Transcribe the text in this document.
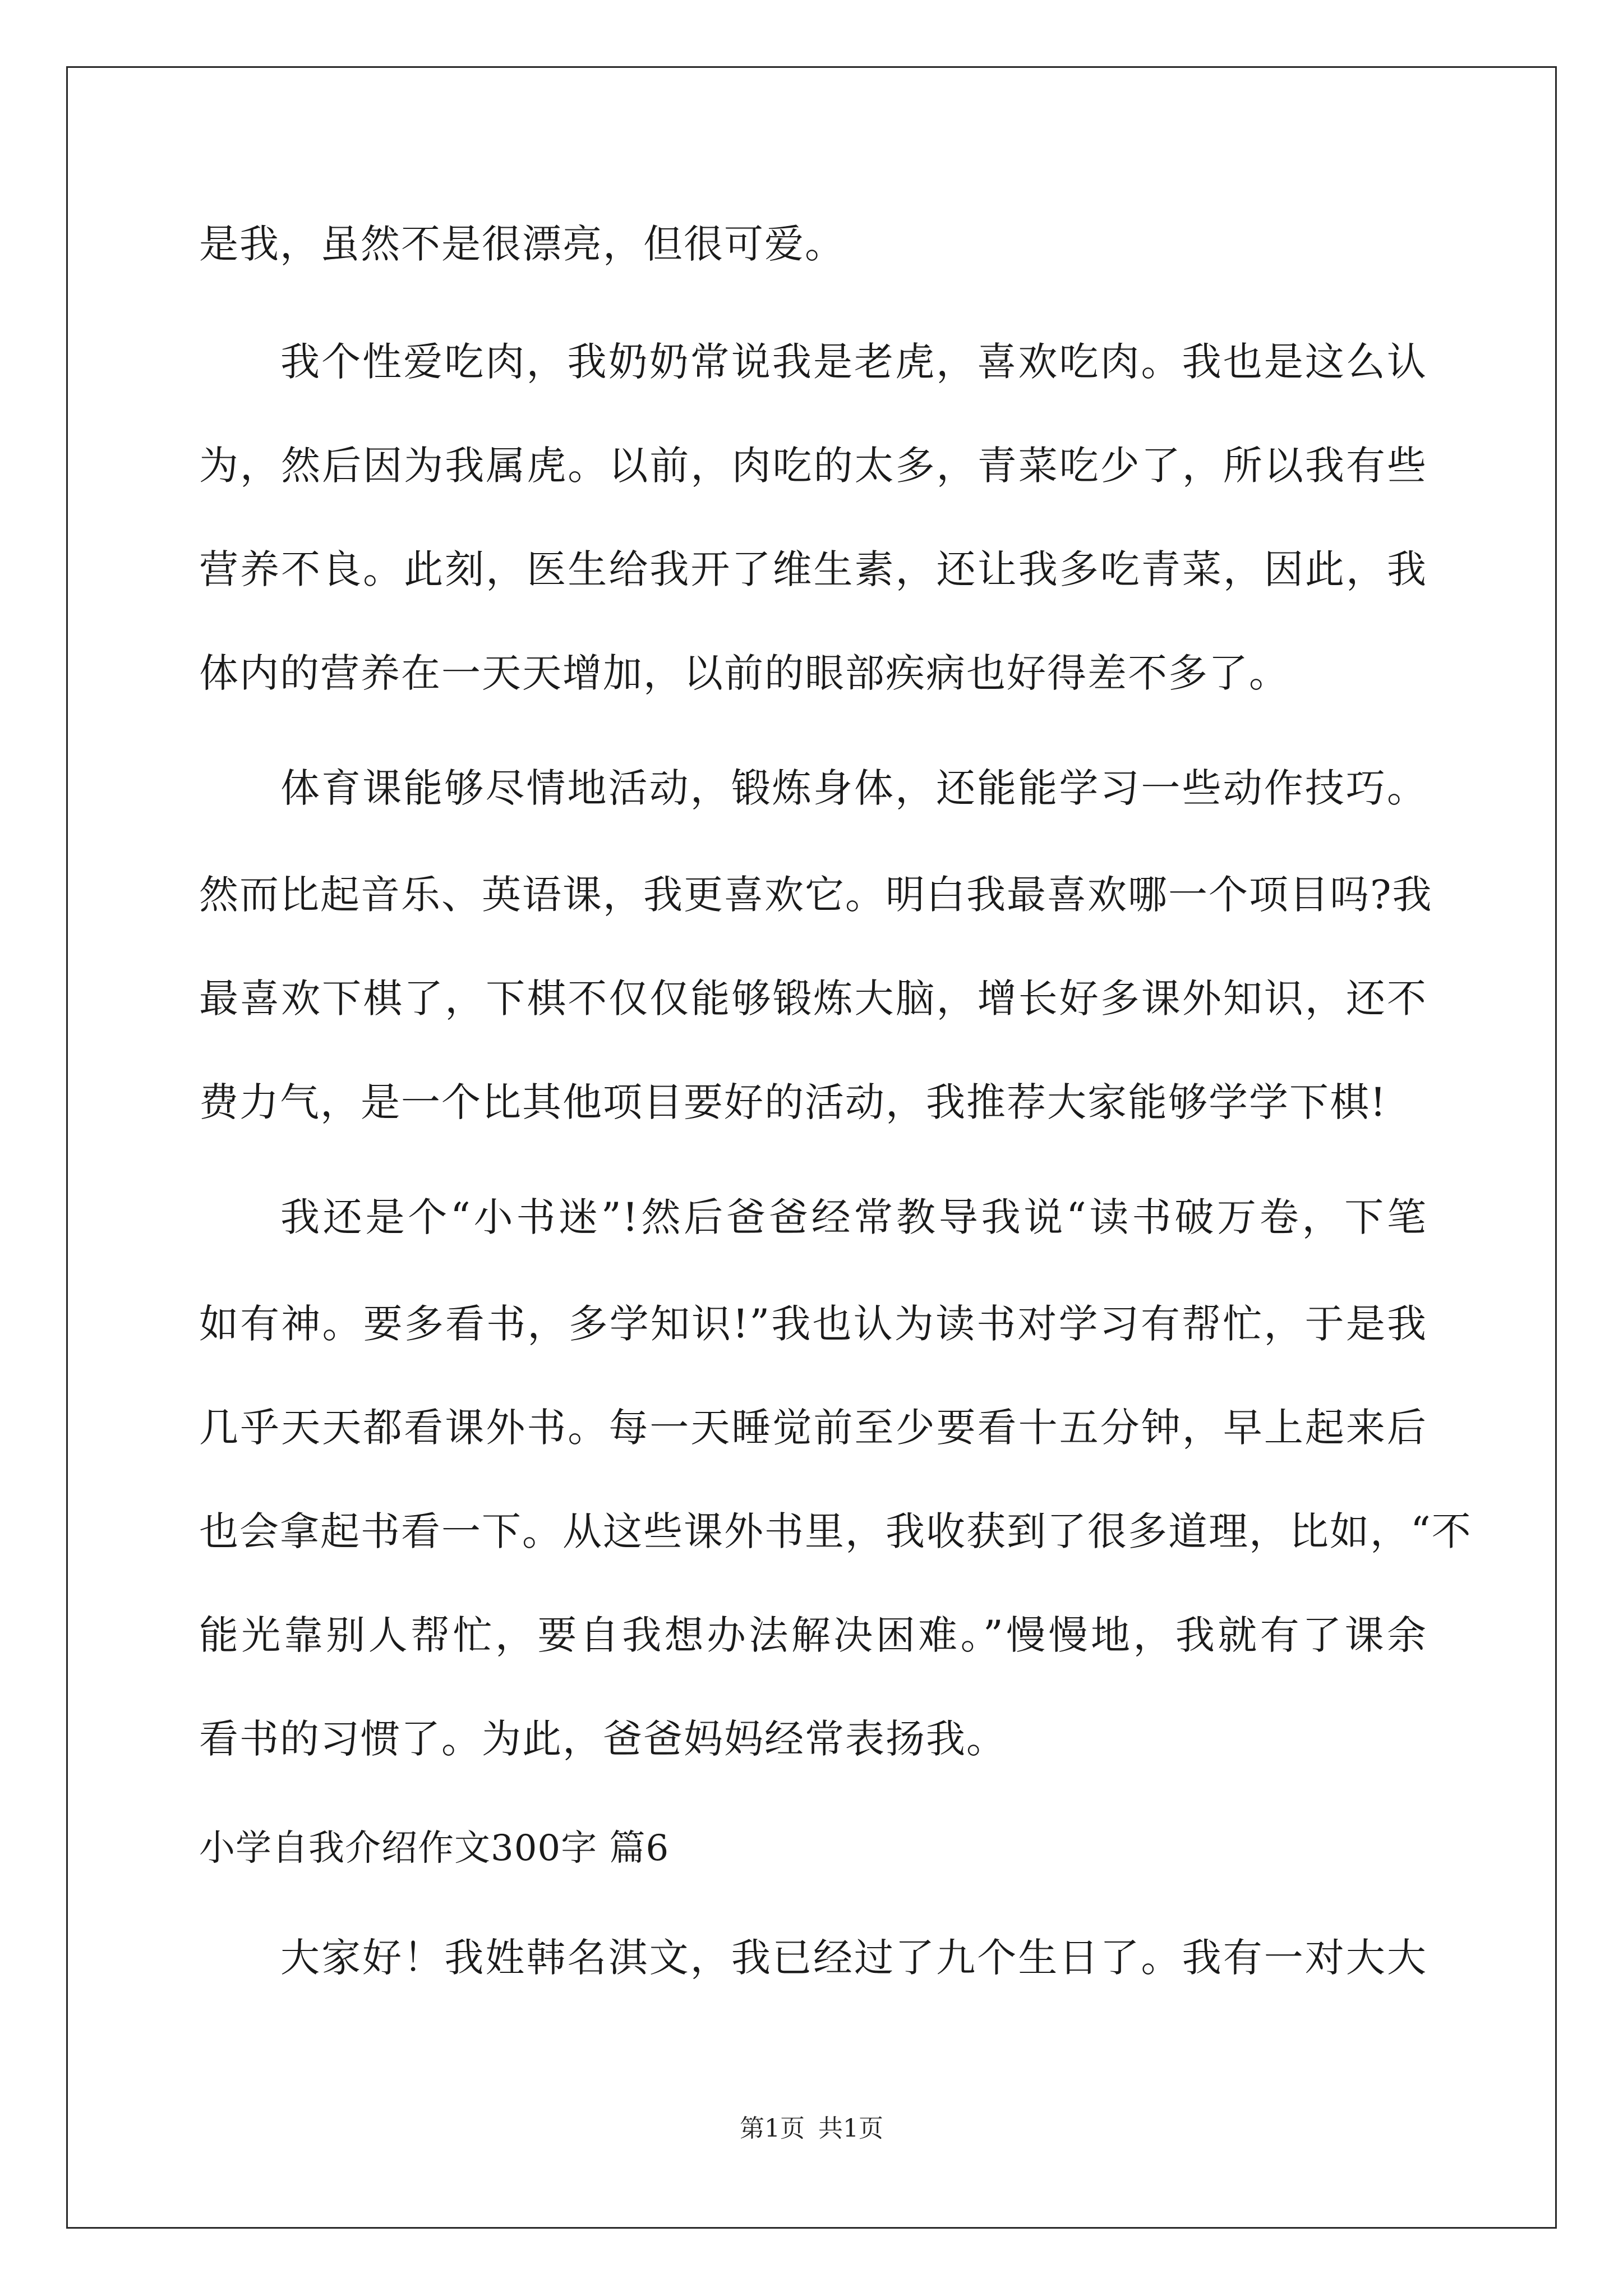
是我，虽然不是很漂亮，但很可爱。
我个性爱吃肉，我奶奶常说我是老虎，喜欢吃肉。我也是这么认
为，然后因为我属虎。以前，肉吃的太多，青菜吃少了，所以我有些
营养不良。此刻，医生给我开了维生素，还让我多吃青菜，因此，我
体内的营养在一天天增加，以前的眼部疾病也好得差不多了。
体育课能够尽情地活动，锻炼身体，还能能学习一些动作技巧。
然而比起音乐、英语课，我更喜欢它。明白我最喜欢哪一个项目吗?我
最喜欢下棋了，下棋不仅仅能够锻炼大脑，增长好多课外知识，还不
费力气，是一个比其他项目要好的活动，我推荐大家能够学学下棋!
我还是个“小书迷”!然后爸爸经常教导我说“读书破万卷，下笔
如有神。要多看书，多学知识!”我也认为读书对学习有帮忙，于是我
几乎天天都看课外书。每一天睡觉前至少要看十五分钟，早上起来后
也会拿起书看一下。从这些课外书里，我收获到了很多道理，比如，“不
能光靠别人帮忙，要自我想办法解决困难。”慢慢地，我就有了课余
看书的习惯了。为此，爸爸妈妈经常表扬我。
小学自我介绍作文300字 篇6
大家好！我姓韩名淇文，我已经过了九个生日了。我有一对大大
第1页 共1页
